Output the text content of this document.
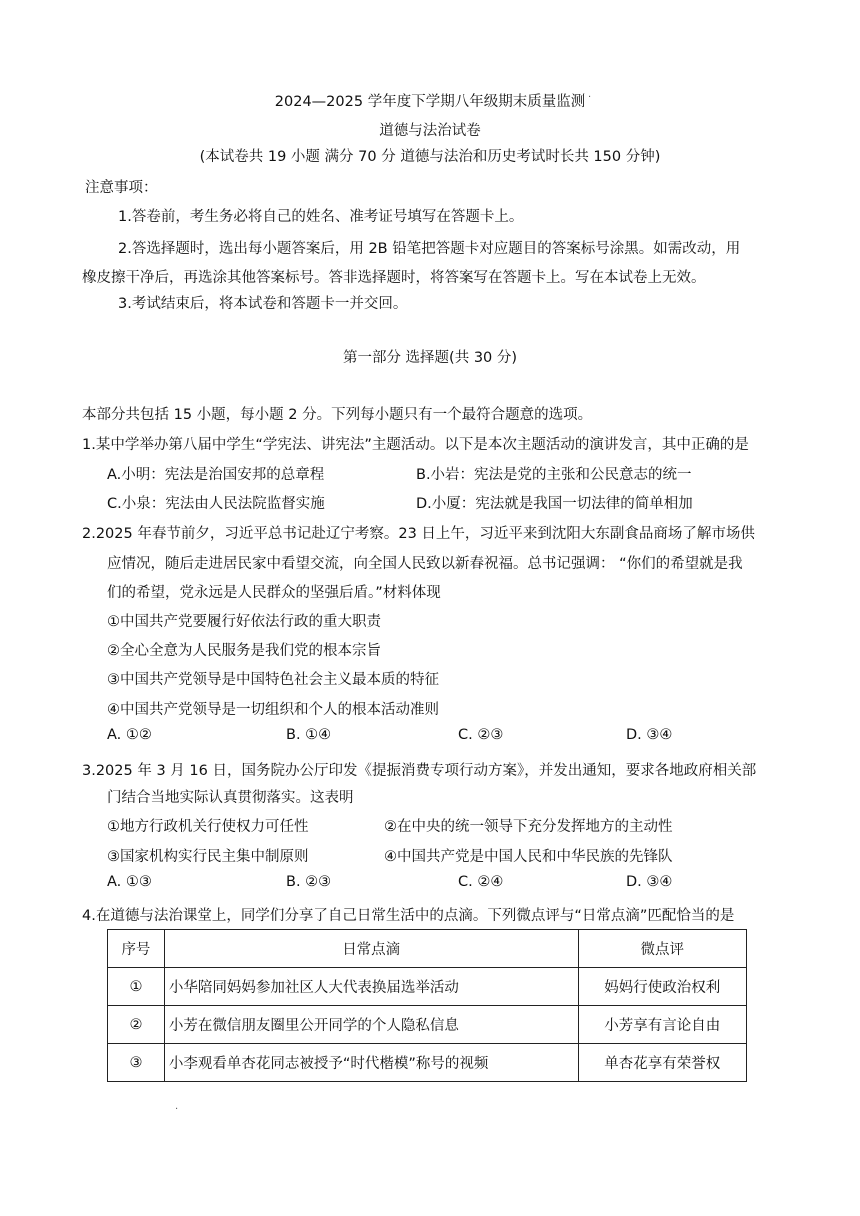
2024—2025 学年度下学期八年级期末质量监测 ·
道德与法治试卷
(本试卷共 19 小题 满分 70 分 道德与法治和历史考试时长共 150 分钟)
注意事项：
1.答卷前，考生务必将自己的姓名、准考证号填写在答题卡上。
2.答选择题时，选出每小题答案后，用 2B 铅笔把答题卡对应题目的答案标号涂黑。如需改动，用
橡皮擦干净后，再选涂其他答案标号。答非选择题时，将答案写在答题卡上。写在本试卷上无效。
3.考试结束后，将本试卷和答题卡一并交回。
第一部分 选择题(共 30 分)
本部分共包括 15 小题，每小题 2 分。下列每小题只有一个最符合题意的选项。
1.某中学举办第八届中学生“学宪法、讲宪法”主题活动。以下是本次主题活动的演讲发言，其中正确的是
A.小明：宪法是治国安邦的总章程	B.小岩：宪法是党的主张和公民意志的统一
C.小泉：宪法由人民法院监督实施	D.小厦：宪法就是我国一切法律的简单相加
2.2025 年春节前夕，习近平总书记赴辽宁考察。23 日上午，习近平来到沈阳大东副食品商场了解市场供
应情况，随后走进居民家中看望交流，向全国人民致以新春祝福。总书记强调： “你们的希望就是我
们的希望，党永远是人民群众的坚强后盾。”材料体现
①中国共产党要履行好依法行政的重大职责
②全心全意为人民服务是我们党的根本宗旨
③中国共产党领导是中国特色社会主义最本质的特征
④中国共产党领导是一切组织和个人的根本活动准则
A. ①②	B. ①④	C. ②③	D. ③④
3.2025 年 3 月 16 日，国务院办公厅印发《提振消费专项行动方案》，并发出通知，要求各地政府相关部
门结合当地实际认真贯彻落实。这表明
①地方行政机关行使权力可任性	②在中央的统一领导下充分发挥地方的主动性
③国家机构实行民主集中制原则	④中国共产党是中国人民和中华民族的先锋队
A. ①③	B. ②③	C. ②④	D. ③④
4.在道德与法治课堂上，同学们分享了自己日常生活中的点滴。下列微点评与“日常点滴”匹配恰当的是
序号	日常点滴	微点评
①	小华陪同妈妈参加社区人大代表换届选举活动	妈妈行使政治权利
②	小芳在微信朋友圈里公开同学的个人隐私信息	小芳享有言论自由
③	小李观看单杏花同志被授予“时代楷模”称号的视频	单杏花享有荣誉权
·
